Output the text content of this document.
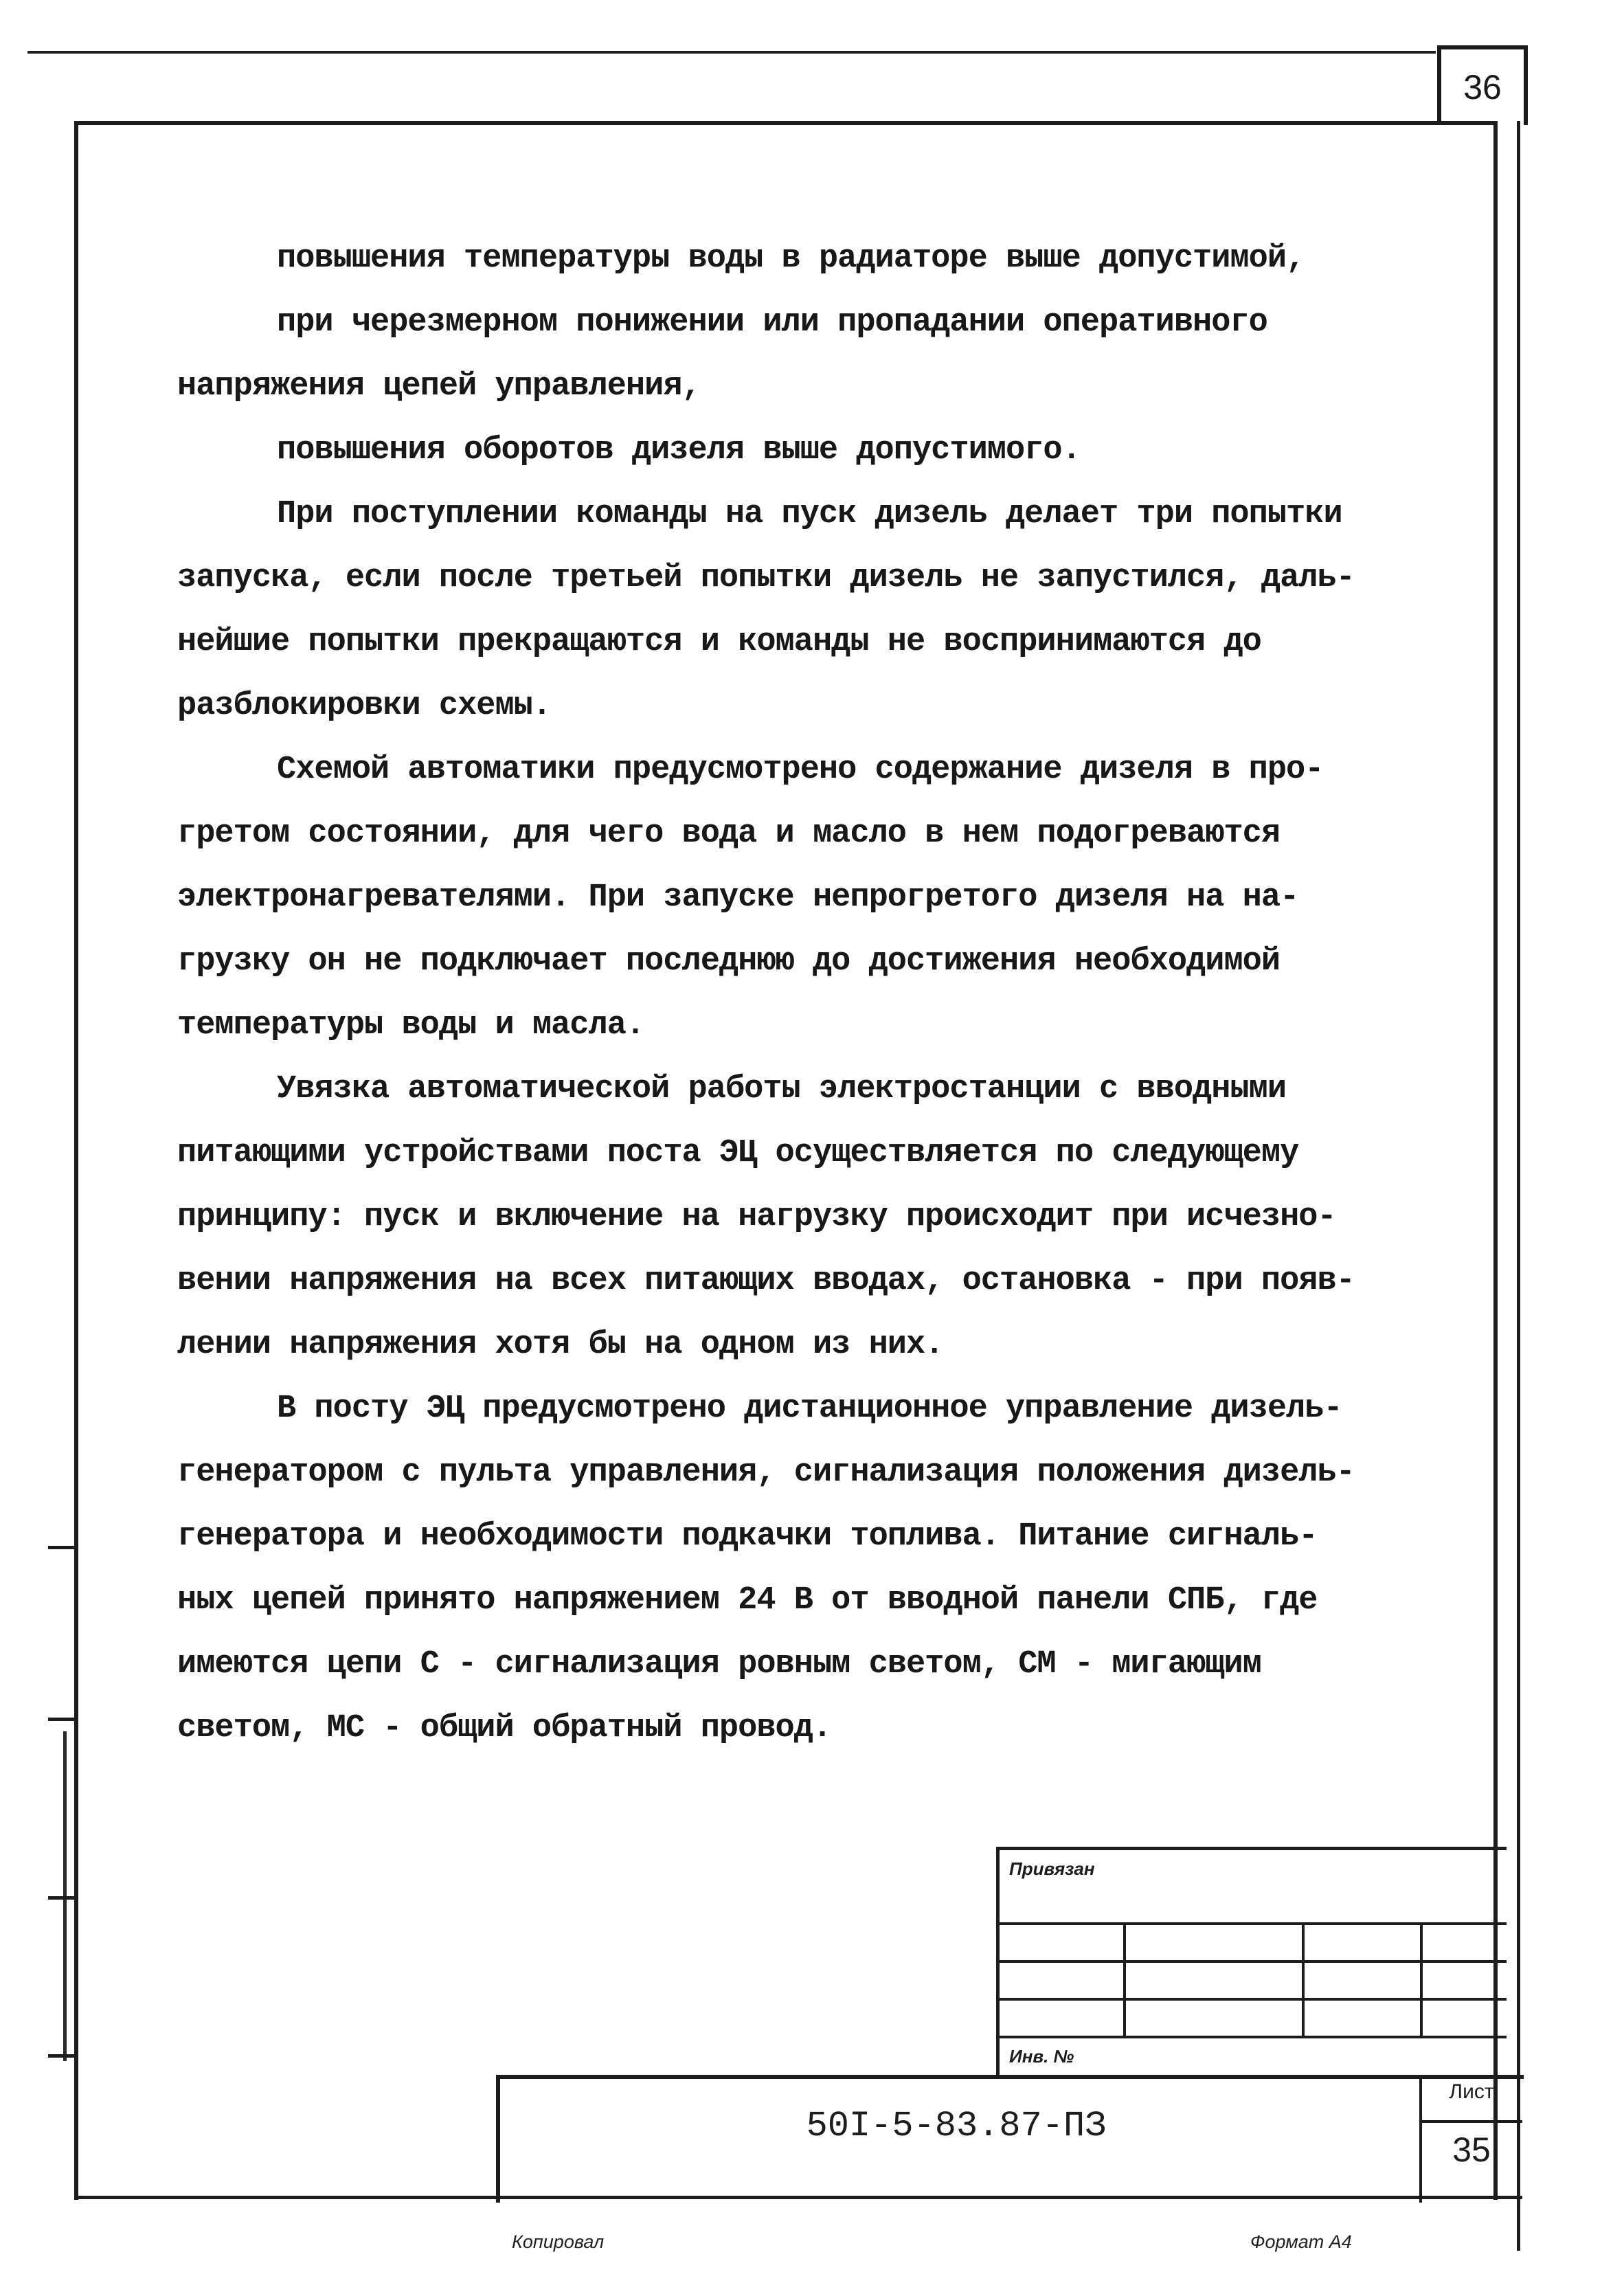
36

повышения температуры воды в радиаторе выше допустимой,

при черезмерном понижении или пропадании оперативного

напряжения цепей управления,

повышения оборотов дизеля выше допустимого.

При поступлении команды на пуск дизель делает три попытки

запуска, если после третьей попытки дизель не запустился, даль-

нейшие попытки прекращаются и команды не воспринимаются до

разблокировки схемы.

Схемой автоматики предусмотрено содержание дизеля в про-

гретом состоянии, для чего вода и масло в нем подогреваются

электронагревателями. При запуске непрогретого дизеля на на-

грузку он не подключает последнюю до достижения необходимой

температуры воды и масла.

Увязка автоматической работы электростанции с вводными

питающими устройствами поста ЭЦ осуществляется по следующему

принципу: пуск и включение на нагрузку происходит при исчезно-

вении напряжения на всех питающих вводах, остановка - при появ-

лении напряжения хотя бы на одном из них.

В посту ЭЦ предусмотрено дистанционное управление дизель-

генератором с пульта управления, сигнализация положения дизель-

генератора и необходимости подкачки топлива. Питание сигналь-

ных цепей принято напряжением 24 В от вводной панели СПБ, где

имеются цепи С - сигнализация ровным светом, СМ - мигающим

светом, МС - общий обратный провод.

Привязан
Инв. №
50I-5-83.87-ПЗ
Лист
35
Копировал	Формат А4
